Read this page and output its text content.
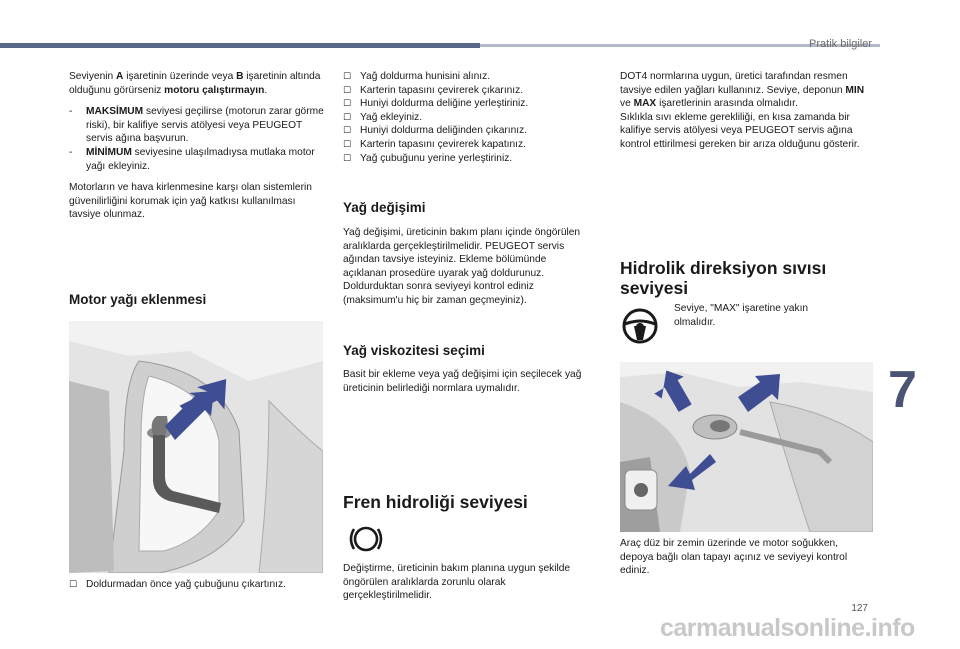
Pratik bilgiler
7
127

Seviyenin A işaretinin üzerinde veya B işaretinin altında olduğunu görürseniz motoru çalıştırmayın.

- MAKSİMUM seviyesi geçilirse (motorun zarar görme riski), bir kalifiye servis atölyesi veya PEUGEOT servis ağına başvurun.
- MİNİMUM seviyesine ulaşılmadıysa mutlaka motor yağı ekleyiniz.

Motorların ve hava kirlenmesine karşı olan sistemlerin güvenilirliğini korumak için yağ katkısı kullanılması tavsiye olunmaz.

Motor yağı eklenmesi
☐ Doldurmadan önce yağ çubuğunu çıkartınız.
☐ Yağ doldurma hunisini alınız.
☐ Karterin tapasını çevirerek çıkarınız.
☐ Huniyi doldurma deliğine yerleştiriniz.
☐ Yağ ekleyiniz.
☐ Huniyi doldurma deliğinden çıkarınız.
☐ Karterin tapasını çevirerek kapatınız.
☐ Yağ çubuğunu yerine yerleştiriniz.
Yağ değişimi
Yağ değişimi, üreticinin bakım planı içinde öngörülen aralıklarda gerçekleştirilmelidir. PEUGEOT servis ağından tavsiye isteyiniz. Ekleme bölümünde açıklanan prosedüre uyarak yağ doldurunuz. Doldurduktan sonra seviyeyi kontrol ediniz (maksimum'u hiç bir zaman geçmeyiniz).
Yağ viskozitesi seçimi
Basit bir ekleme veya yağ değişimi için seçilecek yağ üreticinin belirlediği normlara uymalıdır.
Fren hidroliği seviyesi
Değiştirme, üreticinin bakım planına uygun şekilde öngörülen aralıklarda zorunlu olarak gerçekleştirilmelidir.

DOT4 normlarına uygun, üretici tarafından resmen tavsiye edilen yağları kullanınız. Seviye, deponun MIN ve MAX işaretlerinin arasında olmalıdır.

Sıklıkla sıvı ekleme gerekliliği, en kısa zamanda bir kalifiye servis atölyesi veya PEUGEOT servis ağına kontrol ettirilmesi gereken bir arıza olduğunu gösterir.

Hidrolik direksiyon sıvısı seviyesi
Seviye, "MAX" işaretine yakın olmalıdır.
Araç düz bir zemin üzerinde ve motor soğukken, depoya bağlı olan tapayı açınız ve seviyeyi kontrol ediniz.
carmanualsonline.info
